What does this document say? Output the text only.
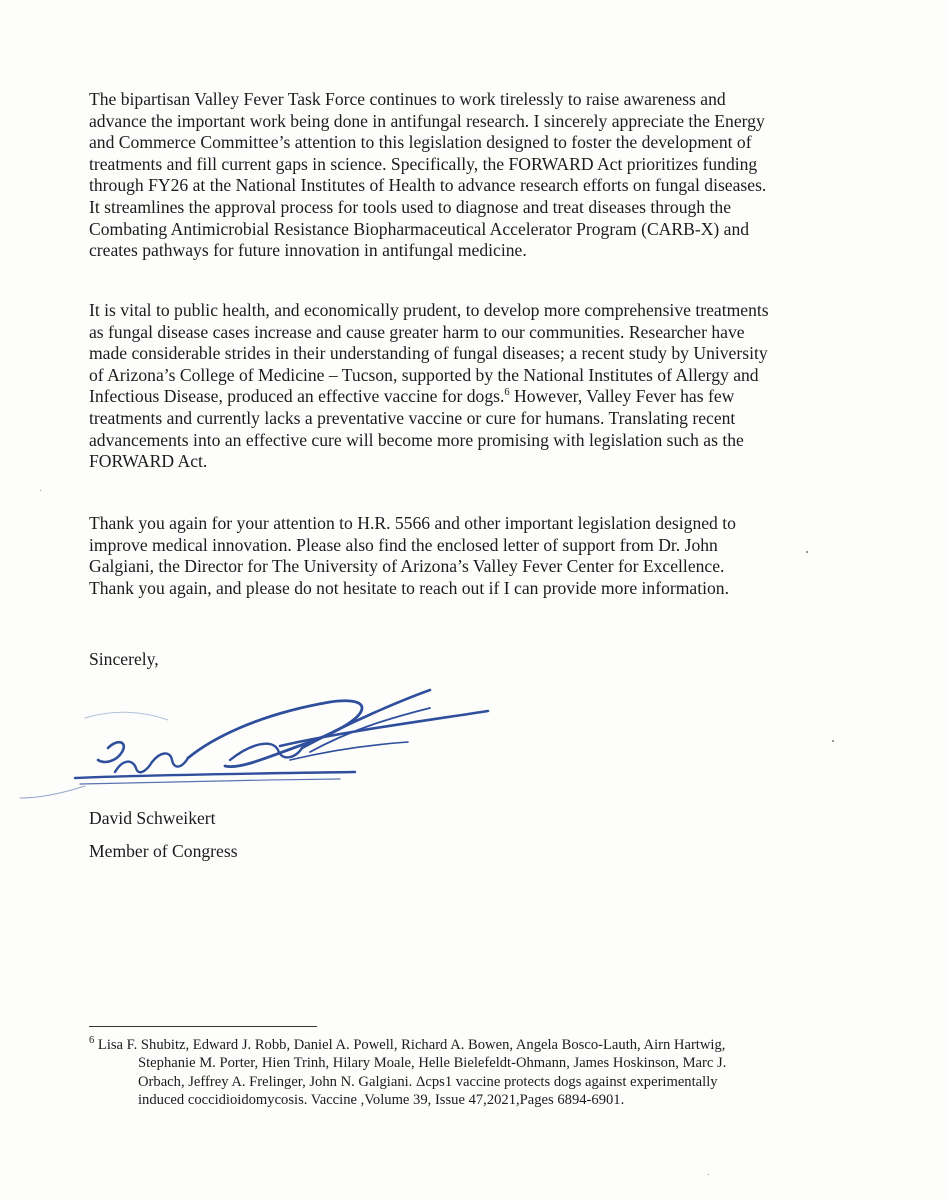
The bipartisan Valley Fever Task Force continues to work tirelessly to raise awareness and
advance the important work being done in antifungal research. I sincerely appreciate the Energy
and Commerce Committee’s attention to this legislation designed to foster the development of
treatments and fill current gaps in science. Specifically, the FORWARD Act prioritizes funding
through FY26 at the National Institutes of Health to advance research efforts on fungal diseases.
It streamlines the approval process for tools used to diagnose and treat diseases through the
Combating Antimicrobial Resistance Biopharmaceutical Accelerator Program (CARB-X) and
creates pathways for future innovation in antifungal medicine.

It is vital to public health, and economically prudent, to develop more comprehensive treatments
as fungal disease cases increase and cause greater harm to our communities. Researcher have
made considerable strides in their understanding of fungal diseases; a recent study by University
of Arizona’s College of Medicine – Tucson, supported by the National Institutes of Allergy and
Infectious Disease, produced an effective vaccine for dogs.$^6$ However, Valley Fever has few
treatments and currently lacks a preventative vaccine or cure for humans. Translating recent
advancements into an effective cure will become more promising with legislation such as the
FORWARD Act.

Thank you again for your attention to H.R. 5566 and other important legislation designed to
improve medical innovation. Please also find the enclosed letter of support from Dr. John
Galgiani, the Director for The University of Arizona’s Valley Fever Center for Excellence.
Thank you again, and please do not hesitate to reach out if I can provide more information.

Sincerely,

David Schweikert

Member of Congress

$^6$ Lisa F. Shubitz, Edward J. Robb, Daniel A. Powell, Richard A. Bowen, Angela Bosco-Lauth, Airn Hartwig,
Stephanie M. Porter, Hien Trinh, Hilary Moale, Helle Bielefeldt-Ohmann, James Hoskinson, Marc J.
Orbach, Jeffrey A. Frelinger, John N. Galgiani. Δcps1 vaccine protects dogs against experimentally
induced coccidioidomycosis. Vaccine ,Volume 39, Issue 47,2021,Pages 6894-6901.
